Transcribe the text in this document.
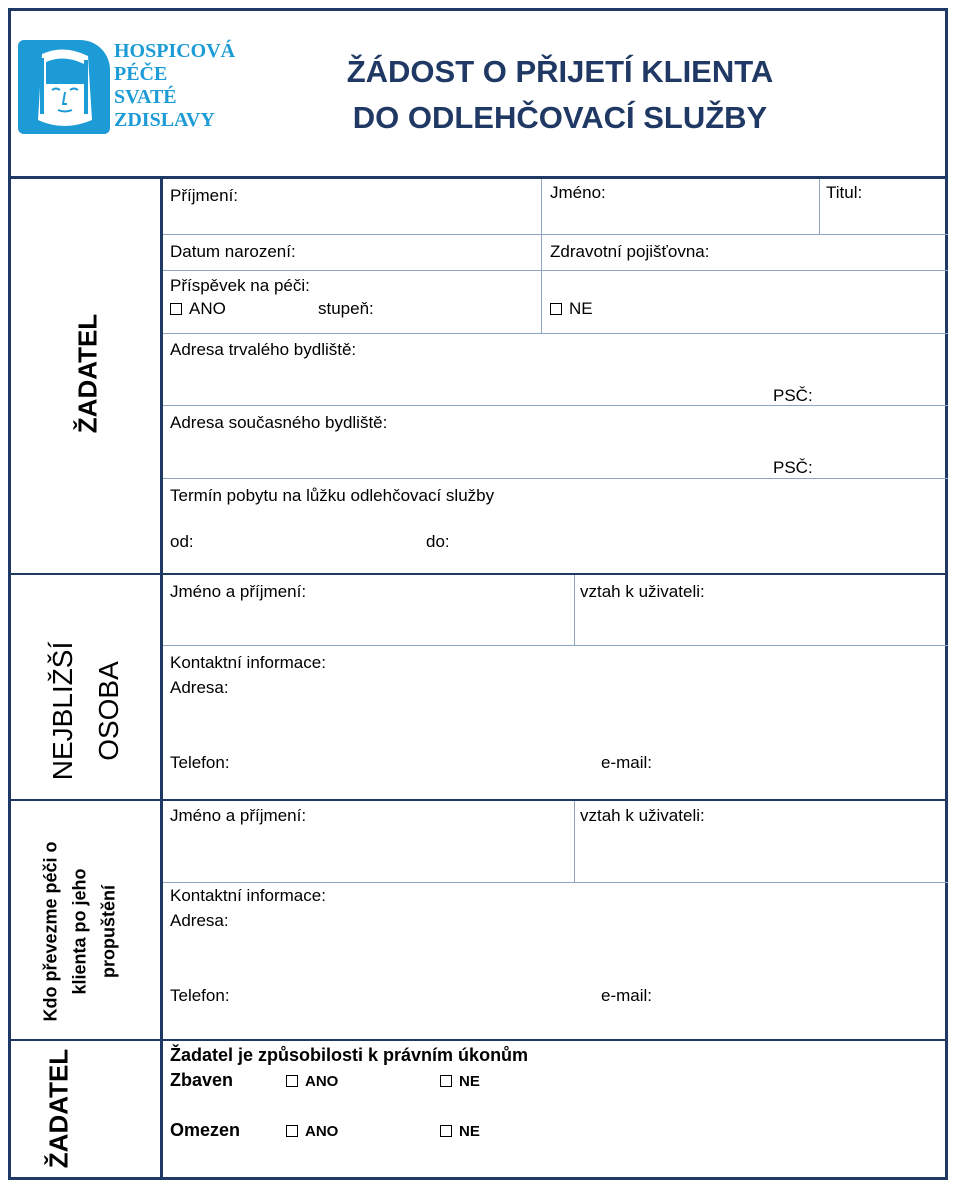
HOSPICOVÁ
PÉČE
SVATÉ
ZDISLAVY
ŽÁDOST O PŘIJETÍ KLIENTA
DO ODLEHČOVACÍ SLUŽBY
ŽADATEL
Příjmení:	Jméno:	Titul:
Datum narození:	Zdravotní pojišťovna:
Příspěvek na péči:
ANO	stupeň:	NE
Adresa trvalého bydliště:
PSČ:
Adresa současného bydliště:
PSČ:
Termín pobytu na lůžku odlehčovací služby
od:	do:
NEJBLIŽŠÍ OSOBA
Jméno a příjmení:	vztah k uživateli:
Kontaktní informace:
Adresa:
Telefon:	e-mail:
Kdo převezme péči o klienta po jeho propuštění
Jméno a příjmení:	vztah k uživateli:
Kontaktní informace:
Adresa:
Telefon:	e-mail:
ŽADATEL	Žadatel je způsobilosti k právním úkonům
Zbaven	ANO	NE
Omezen	ANO	NE
